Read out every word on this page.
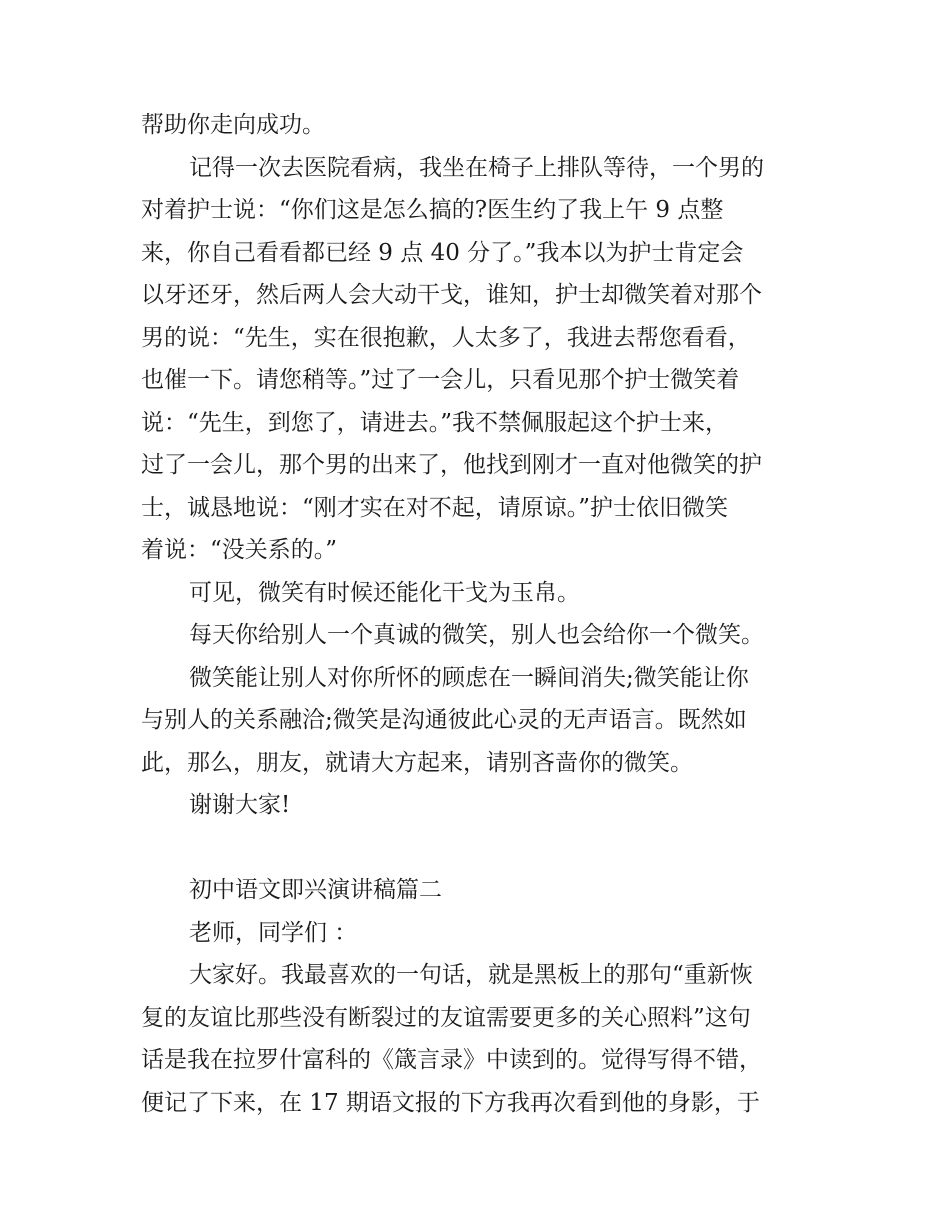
帮助你走向成功。
记得一次去医院看病，我坐在椅子上排队等待，一个男的
对着护士说：“你们这是怎么搞的?医生约了我上午 9 点整
来，你自己看看都已经 9 点 40 分了。”我本以为护士肯定会
以牙还牙，然后两人会大动干戈，谁知，护士却微笑着对那个
男的说：“先生，实在很抱歉，人太多了，我进去帮您看看，
也催一下。请您稍等。”过了一会儿，只看见那个护士微笑着
说：“先生，到您了，请进去。”我不禁佩服起这个护士来，
过了一会儿，那个男的出来了，他找到刚才一直对他微笑的护
士，诚恳地说：“刚才实在对不起，请原谅。”护士依旧微笑
着说：“没关系的。”
可见，微笑有时候还能化干戈为玉帛。
每天你给别人一个真诚的微笑，别人也会给你一个微笑。
微笑能让别人对你所怀的顾虑在一瞬间消失;微笑能让你
与别人的关系融洽;微笑是沟通彼此心灵的无声语言。既然如
此，那么，朋友，就请大方起来，请别吝啬你的微笑。
谢谢大家!
初中语文即兴演讲稿篇二
老师，同学们 ：
大家好。我最喜欢的一句话，就是黑板上的那句“重新恢
复的友谊比那些没有断裂过的友谊需要更多的关心照料”这句
话是我在拉罗什富科的《箴言录》中读到的。觉得写得不错，
便记了下来，在 17 期语文报的下方我再次看到他的身影，于
